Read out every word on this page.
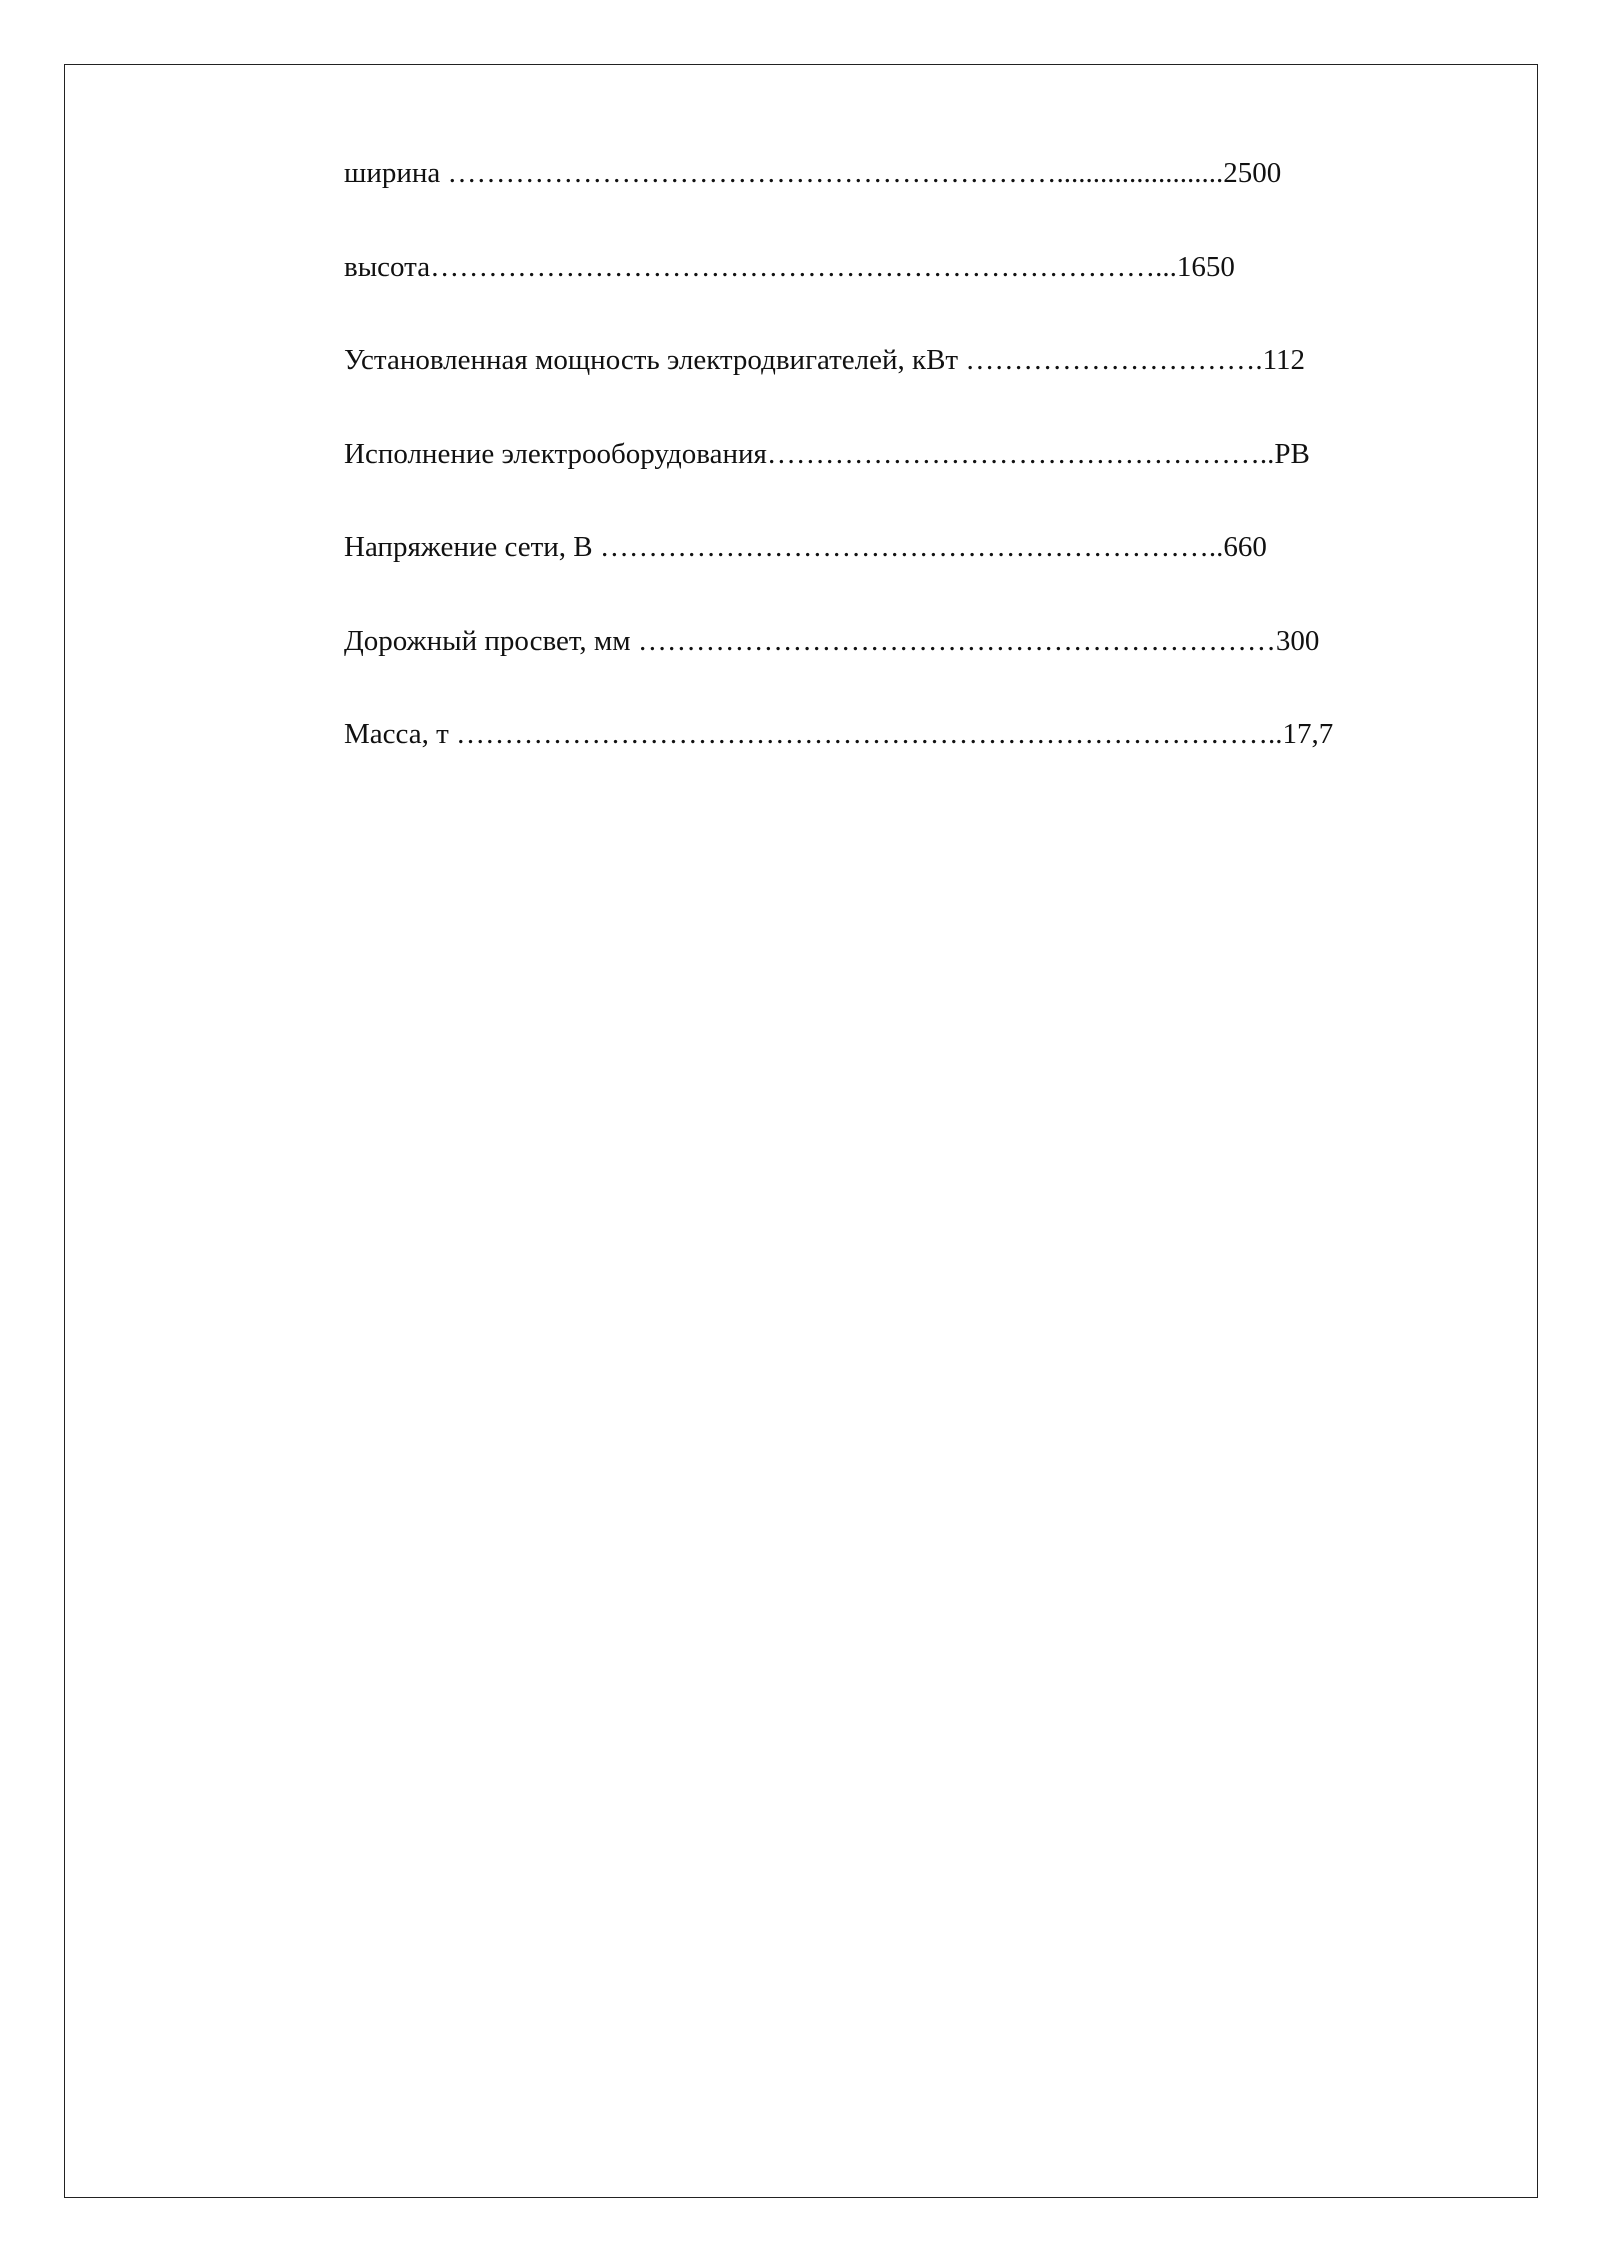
ширина ……………………………………………………….......................2500
высота…………………………………………………………………...1650
Установленная мощность электродвигателей, кВт ………………………….112
Исполнение электрооборудования……………………………………………..РВ
Напряжение сети, В ………………………………………………………..660
Дорожный просвет, мм …………………………………………………………300
Масса, т …………………………………………………………………………..17,7
